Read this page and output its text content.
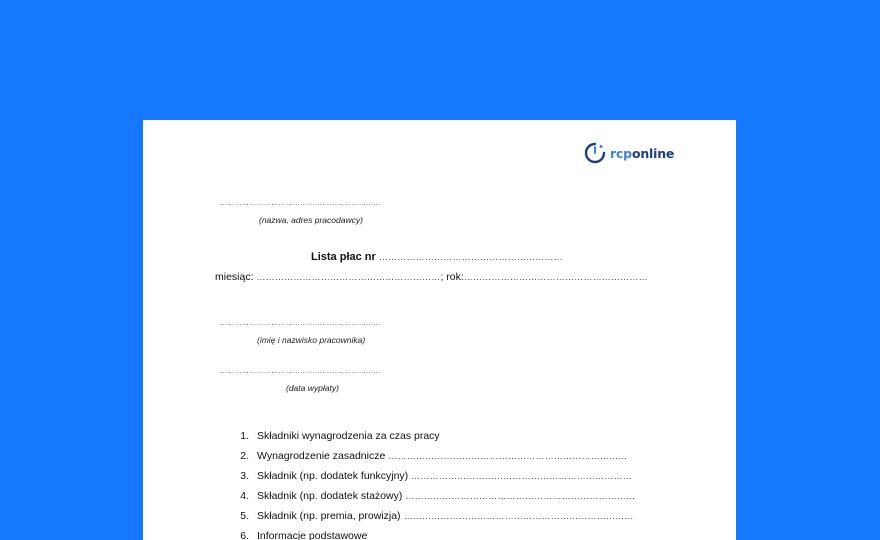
rcponline
…………………………………………………………
(nazwa, adres pracodawcy)
Lista płac nr ……………………………………………………
miesiąc: ……………………………………………………; rok:……………………………………………………
…………………………………………………………
(imię i nazwisko pracownika)
…………………………………………………………
(data wypłaty)
1. Składniki wynagrodzenia za czas pracy
2. Wynagrodzenie zasadnicze ……………………………………………………………………
3. Składnik (np. dodatek funkcyjny) ………………………………………………………………
4. Składnik (np. dodatek stażowy) …………………………………………………………………
5. Składnik (np. premia, prowizja) …………………………………………………………………
6. Informacje podstawowe
